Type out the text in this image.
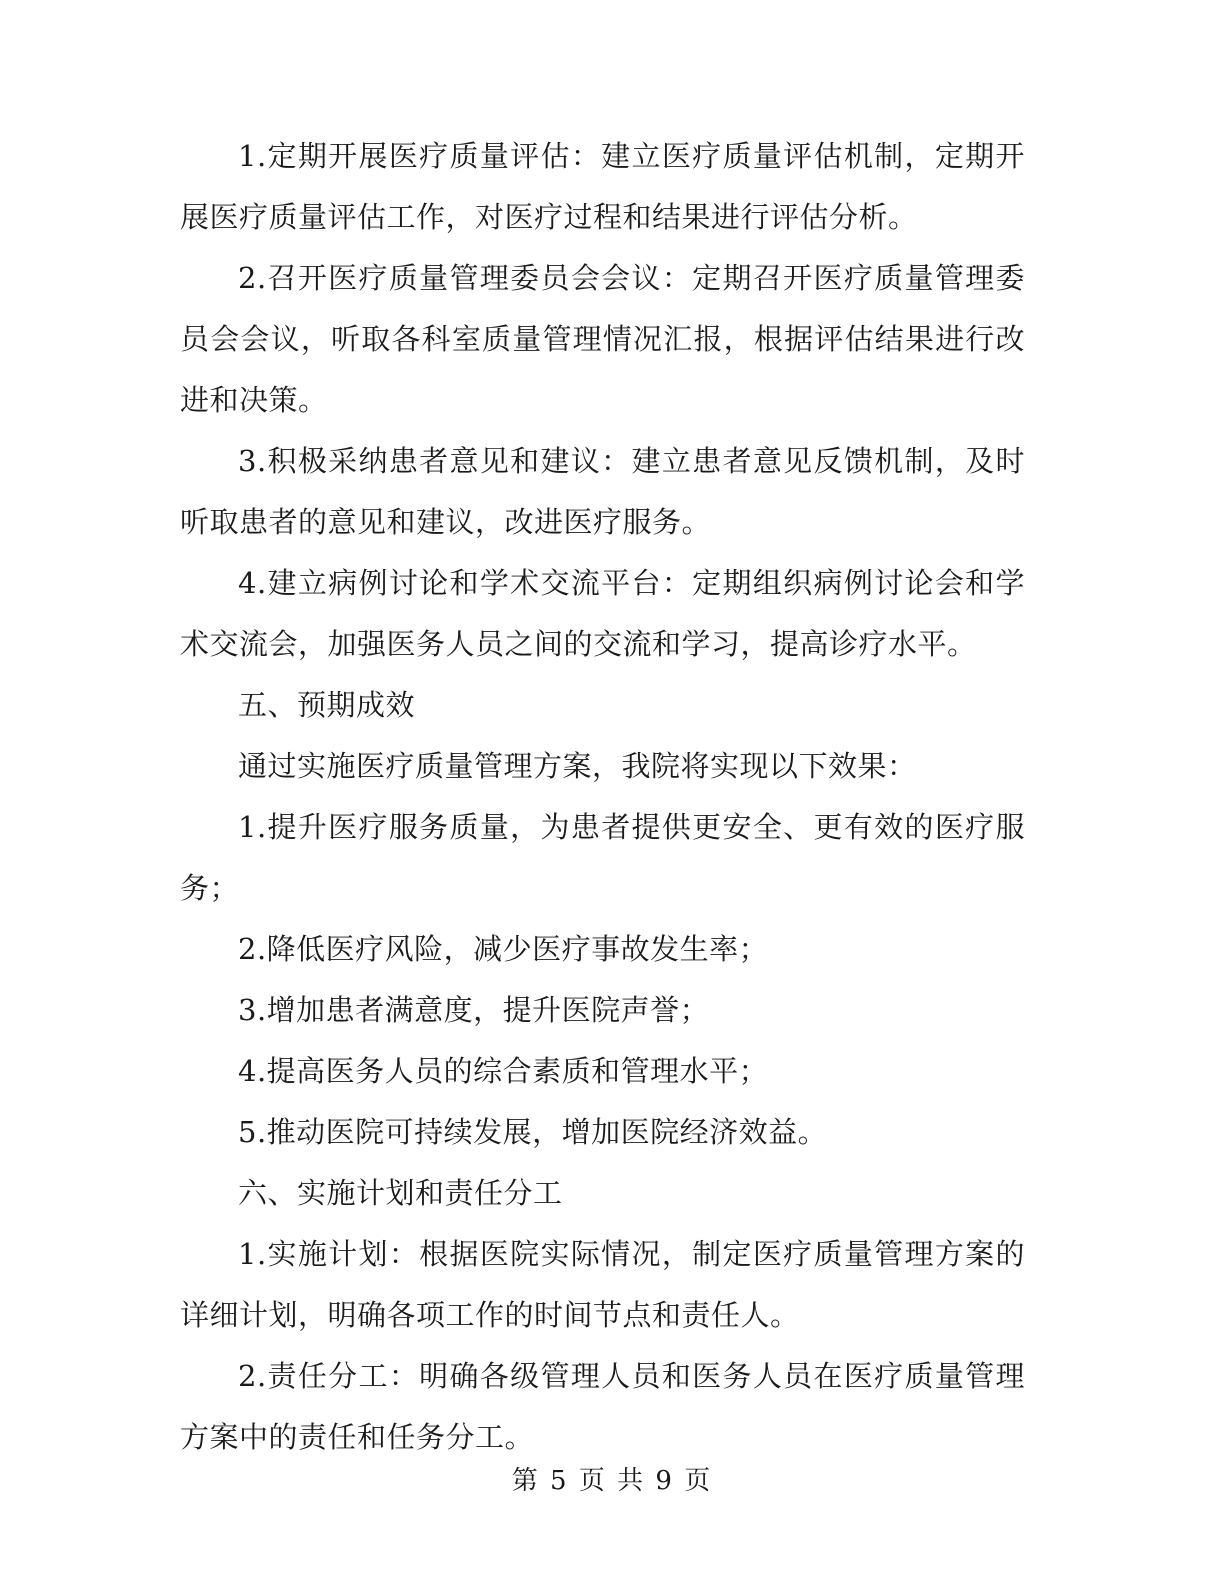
1.定期开展医疗质量评估：建立医疗质量评估机制，定期开展医疗质量评估工作，对医疗过程和结果进行评估分析。

2.召开医疗质量管理委员会会议：定期召开医疗质量管理委员会会议，听取各科室质量管理情况汇报，根据评估结果进行改进和决策。

3.积极采纳患者意见和建议：建立患者意见反馈机制，及时听取患者的意见和建议，改进医疗服务。

4.建立病例讨论和学术交流平台：定期组织病例讨论会和学术交流会，加强医务人员之间的交流和学习，提高诊疗水平。

五、预期成效

通过实施医疗质量管理方案，我院将实现以下效果：

1.提升医疗服务质量，为患者提供更安全、更有效的医疗服务；

2.降低医疗风险，减少医疗事故发生率；

3.增加患者满意度，提升医院声誉；

4.提高医务人员的综合素质和管理水平；

5.推动医院可持续发展，增加医院经济效益。

六、实施计划和责任分工

1.实施计划：根据医院实际情况，制定医疗质量管理方案的详细计划，明确各项工作的时间节点和责任人。

2.责任分工：明确各级管理人员和医务人员在医疗质量管理方案中的责任和任务分工。

第 5 页 共 9 页
